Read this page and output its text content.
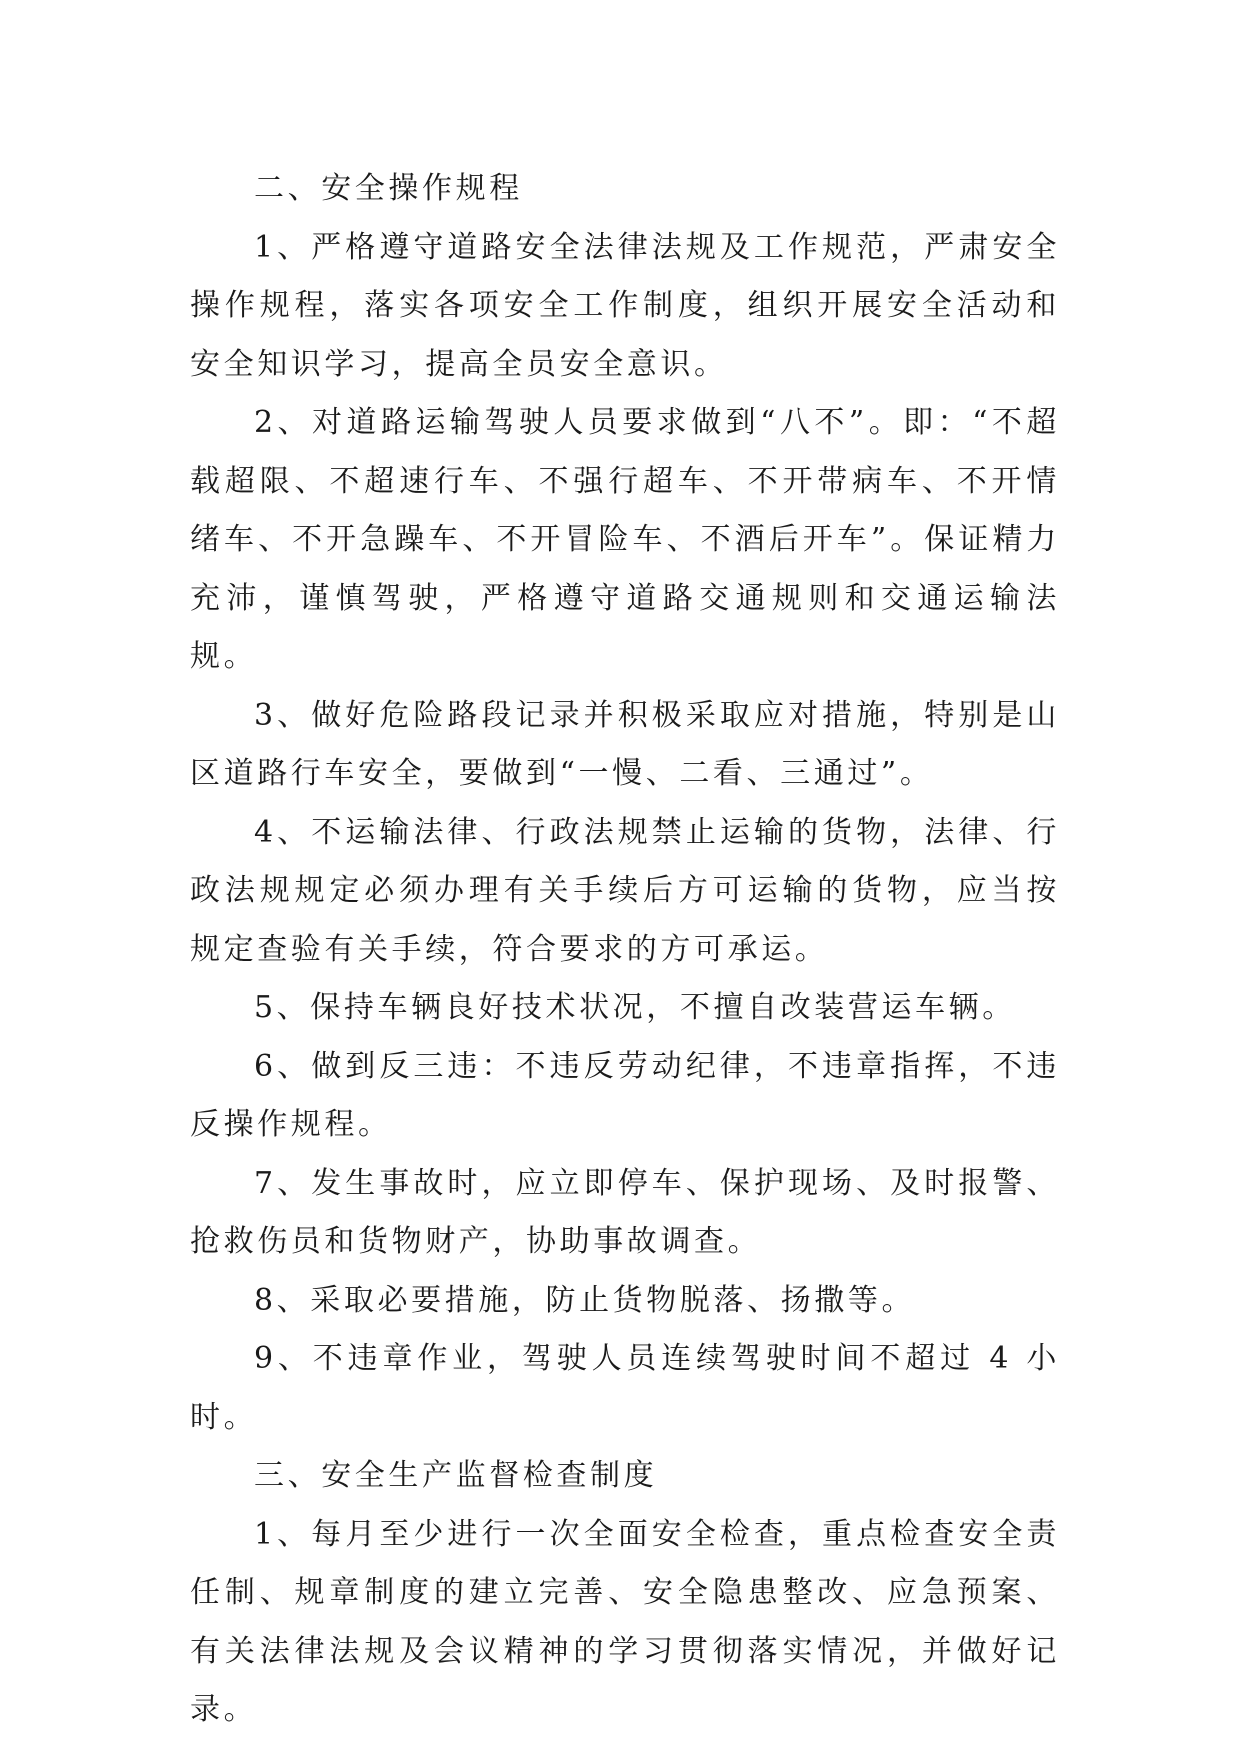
二、安全操作规程

1、严格遵守道路安全法律法规及工作规范，严肃安全操作规程，落实各项安全工作制度，组织开展安全活动和安全知识学习，提高全员安全意识。

2、对道路运输驾驶人员要求做到“八不”。即：“不超载超限、不超速行车、不强行超车、不开带病车、不开情绪车、不开急躁车、不开冒险车、不酒后开车”。保证精力充沛，谨慎驾驶，严格遵守道路交通规则和交通运输法规。

3、做好危险路段记录并积极采取应对措施，特别是山区道路行车安全，要做到“一慢、二看、三通过”。

4、不运输法律、行政法规禁止运输的货物，法律、行政法规规定必须办理有关手续后方可运输的货物，应当按规定查验有关手续，符合要求的方可承运。

5、保持车辆良好技术状况，不擅自改装营运车辆。

6、做到反三违：不违反劳动纪律，不违章指挥，不违反操作规程。

7、发生事故时，应立即停车、保护现场、及时报警、抢救伤员和货物财产，协助事故调查。

8、采取必要措施，防止货物脱落、扬撒等。

9、不违章作业，驾驶人员连续驾驶时间不超过 4 小时。

三、安全生产监督检查制度

1、每月至少进行一次全面安全检查，重点检查安全责任制、规章制度的建立完善、安全隐患整改、应急预案、有关法律法规及会议精神的学习贯彻落实情况，并做好记录。
